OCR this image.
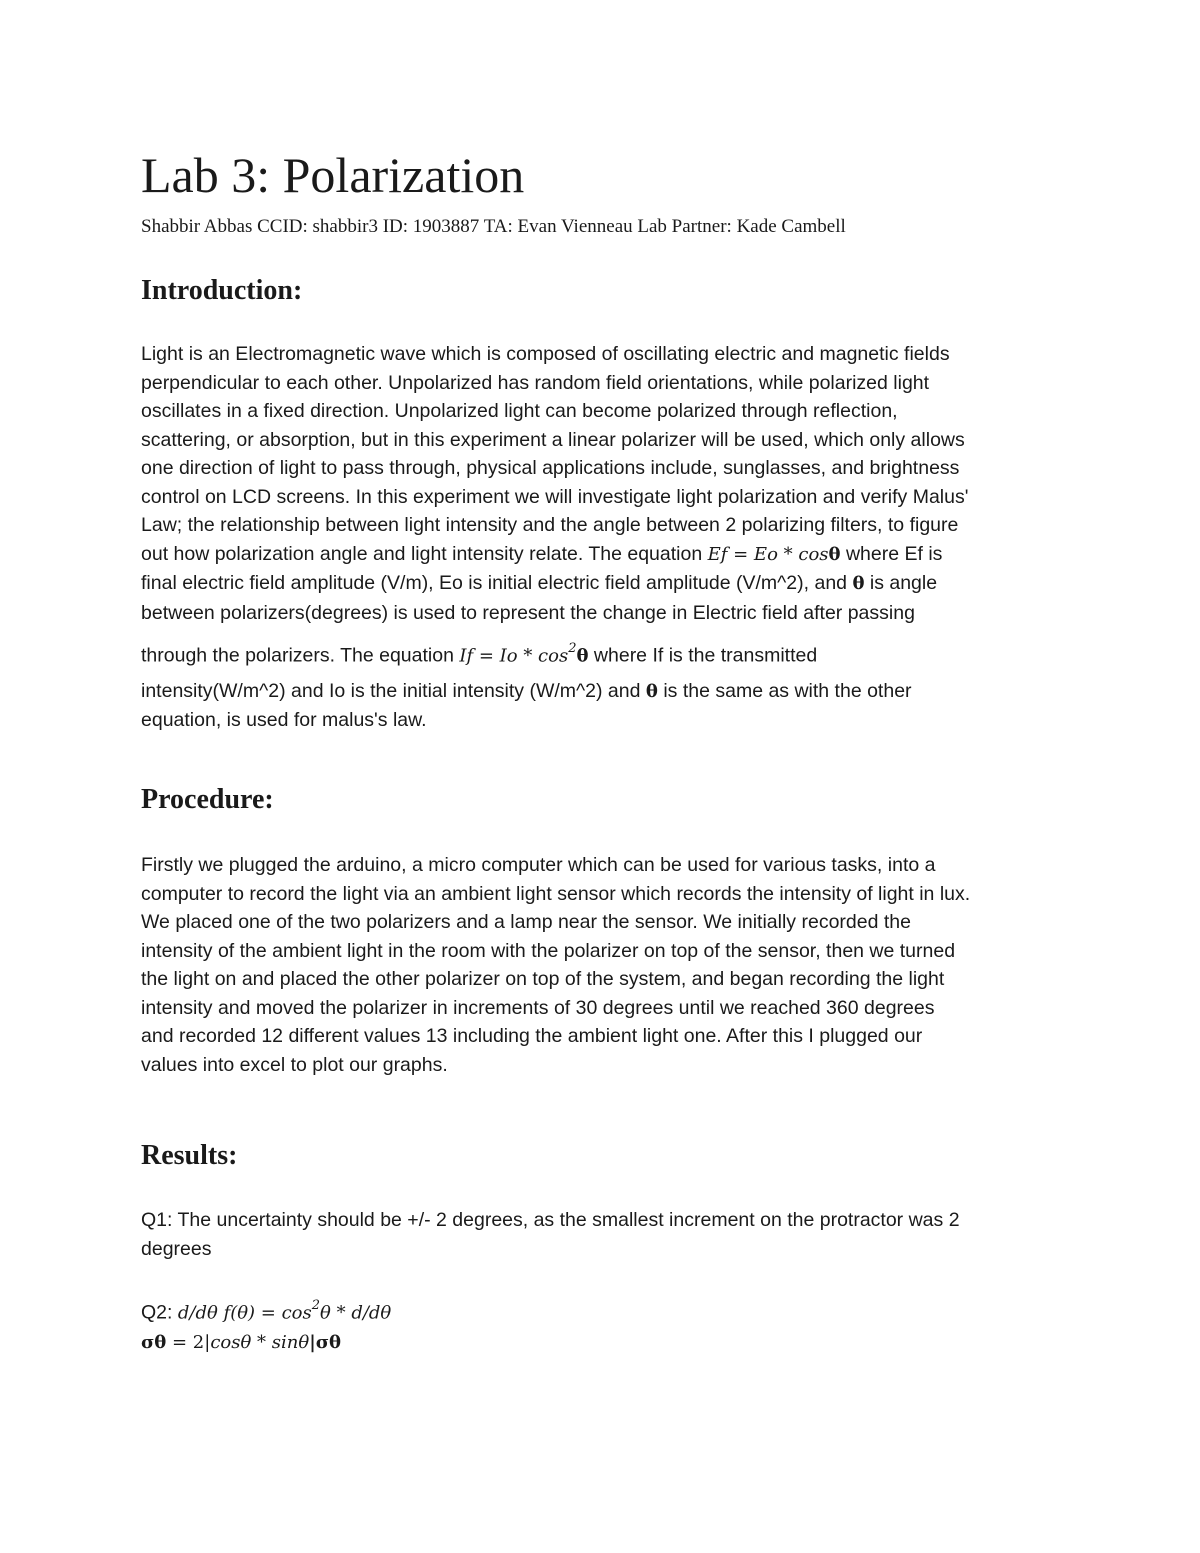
Lab 3: Polarization
Shabbir Abbas CCID: shabbir3 ID: 1903887 TA: Evan Vienneau Lab Partner: Kade Cambell
Introduction:
Light is an Electromagnetic wave which is composed of oscillating electric and magnetic fields
perpendicular to each other. Unpolarized has random field orientations, while polarized light
oscillates in a fixed direction. Unpolarized light can become polarized through reflection,
scattering, or absorption, but in this experiment a linear polarizer will be used, which only allows
one direction of light to pass through, physical applications include, sunglasses, and brightness
control on LCD screens. In this experiment we will investigate light polarization and verify Malus'
Law; the relationship between light intensity and the angle between 2 polarizing filters, to figure
out how polarization angle and light intensity relate. The equation Ef = Eo * cosθ where Ef is
final electric field amplitude (V/m), Eo is initial electric field amplitude (V/m^2), and θ is angle
between polarizers(degrees) is used to represent the change in Electric field after passing
through the polarizers. The equation $If = Io * \cos^2\theta$ where If is the transmitted
intensity(W/m^2) and Io is the initial intensity (W/m^2) and θ is the same as with the other
equation, is used for malus's law.
Procedure:
Firstly we plugged the arduino, a micro computer which can be used for various tasks, into a
computer to record the light via an ambient light sensor which records the intensity of light in lux.
We placed one of the two polarizers and a lamp near the sensor. We initially recorded the
intensity of the ambient light in the room with the polarizer on top of the sensor, then we turned
the light on and placed the other polarizer on top of the system, and began recording the light
intensity and moved the polarizer in increments of 30 degrees until we reached 360 degrees
and recorded 12 different values 13 including the ambient light one. After this I plugged our
values into excel to plot our graphs.
Results:
Q1: The uncertainty should be +/- 2 degrees, as the smallest increment on the protractor was 2
degrees
Q2: d/dθ $f(\theta) = \cos^2\theta * d/d\theta$
σθ = 2|cosθ * sinθ|σθ
